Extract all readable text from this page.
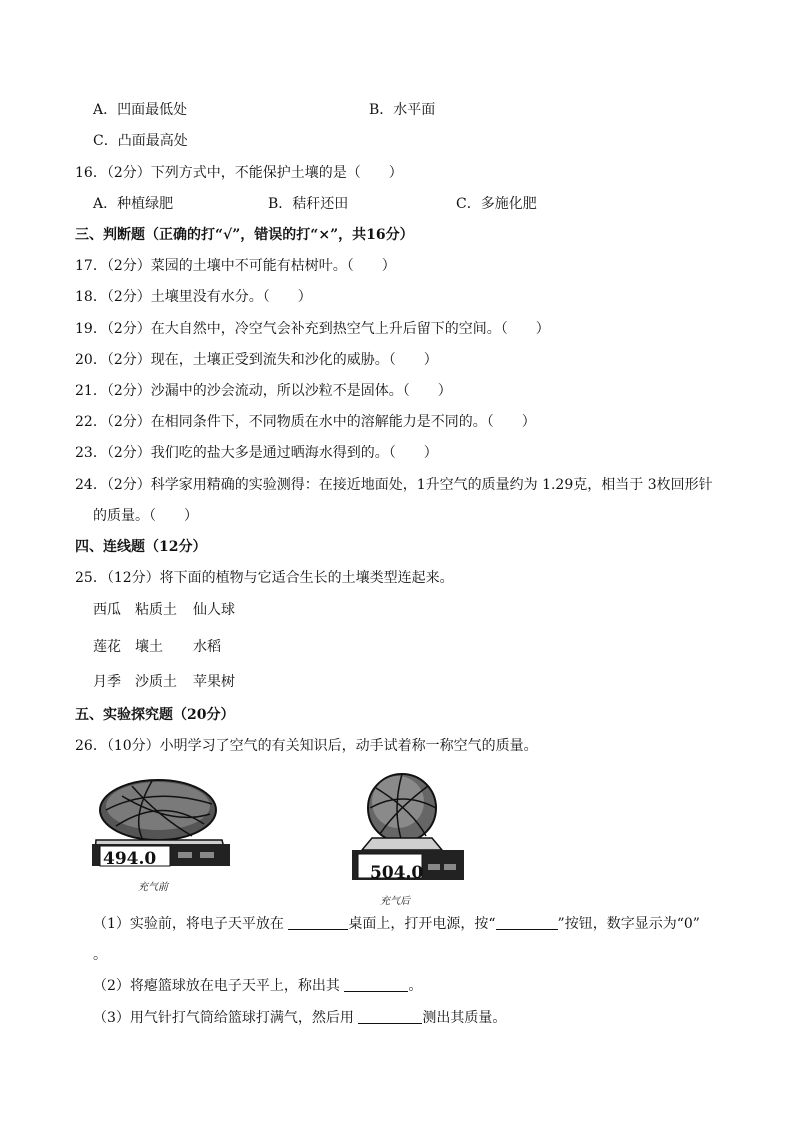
A．凹面最低处	B．水平面
C．凸面最高处
16．（2分）下列方式中，不能保护土壤的是（　　）
A．种植绿肥	B．秸秆还田	C．多施化肥
三、判断题（正确的打“√”，错误的打“×”，共16分）
17．（2分）菜园的土壤中不可能有枯树叶。（　　）
18．（2分）土壤里没有水分。（　　）
19．（2分）在大自然中，冷空气会补充到热空气上升后留下的空间。（　　）
20．（2分）现在，土壤正受到流失和沙化的威胁。（　　）
21．（2分）沙漏中的沙会流动，所以沙粒不是固体。（　　）
22．（2分）在相同条件下，不同物质在水中的溶解能力是不同的。（　　）
23．（2分）我们吃的盐大多是通过晒海水得到的。（　　）
24．（2分）科学家用精确的实验测得：在接近地面处，1升空气的质量约为 1.29克，相当于 3枚回形针
的质量。（　　）
四、连线题（12分）
25．（12分）将下面的植物与它适合生长的土壤类型连起来。
西瓜 粘质土 仙人球
莲花 壤土 水稻
月季 沙质土 苹果树
五、实验探究题（20分）
26．（10分）小明学习了空气的有关知识后，动手试着称一称空气的质量。
494.0
充气前
504.0
充气后
（1）实验前，将电子天平放在	桌面上，打开电源，按“	”按钮，数字显示为“0”
。
（2）将瘪篮球放在电子天平上，称出其	。
（3）用气针打气筒给篮球打满气，然后用	测出其质量。
